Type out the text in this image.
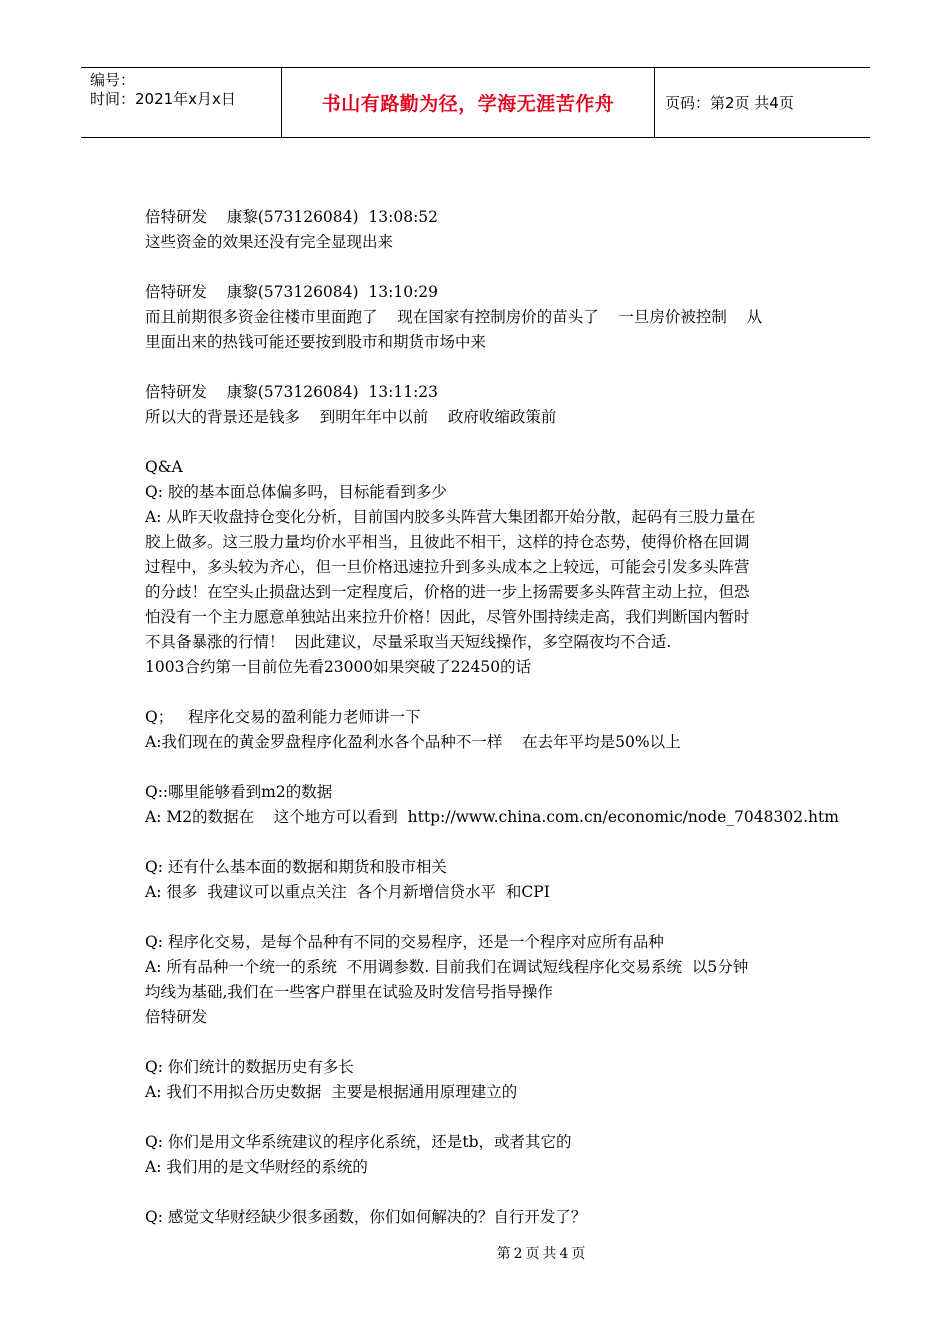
编号：
时间：2021年x月x日	书山有路勤为径，学海无涯苦作舟	页码：第2页 共4页

倍特研发    康黎(573126084)  13:08:52

这些资金的效果还没有完全显现出来

倍特研发    康黎(573126084)  13:10:29

而且前期很多资金往楼市里面跑了    现在国家有控制房价的苗头了    一旦房价被控制    从

里面出来的热钱可能还要按到股市和期货市场中来

倍特研发    康黎(573126084)  13:11:23

所以大的背景还是钱多    到明年年中以前    政府收缩政策前

Q&A

Q: 胶的基本面总体偏多吗，目标能看到多少

A: 从昨天收盘持仓变化分析，目前国内胶多头阵营大集团都开始分散，起码有三股力量在

胶上做多。这三股力量均价水平相当，且彼此不相干，这样的持仓态势，使得价格在回调

过程中，多头较为齐心，但一旦价格迅速拉升到多头成本之上较远，可能会引发多头阵营

的分歧！在空头止损盘达到一定程度后，价格的进一步上扬需要多头阵营主动上拉，但恐

怕没有一个主力愿意单独站出来拉升价格！因此，尽管外围持续走高，我们判断国内暂时

不具备暴涨的行情！  因此建议，尽量采取当天短线操作，多空隔夜均不合适.

1003合约第一目前位先看23000如果突破了22450的话

Q；   程序化交易的盈利能力老师讲一下

A:我们现在的黄金罗盘程序化盈利水各个品种不一样    在去年平均是50%以上

Q::哪里能够看到m2的数据

A: M2的数据在    这个地方可以看到  http://www.china.com.cn/economic/node_7048302.htm

Q: 还有什么基本面的数据和期货和股市相关

A: 很多  我建议可以重点关注  各个月新增信贷水平  和CPI

Q: 程序化交易，是每个品种有不同的交易程序，还是一个程序对应所有品种

A: 所有品种一个统一的系统  不用调参数. 目前我们在调试短线程序化交易系统  以5分钟

均线为基础,我们在一些客户群里在试验及时发信号指导操作

倍特研发

Q: 你们统计的数据历史有多长

A: 我们不用拟合历史数据  主要是根据通用原理建立的

Q: 你们是用文华系统建议的程序化系统，还是tb，或者其它的

A: 我们用的是文华财经的系统的

Q: 感觉文华财经缺少很多函数，你们如何解决的？自行开发了？

第2页共4页
